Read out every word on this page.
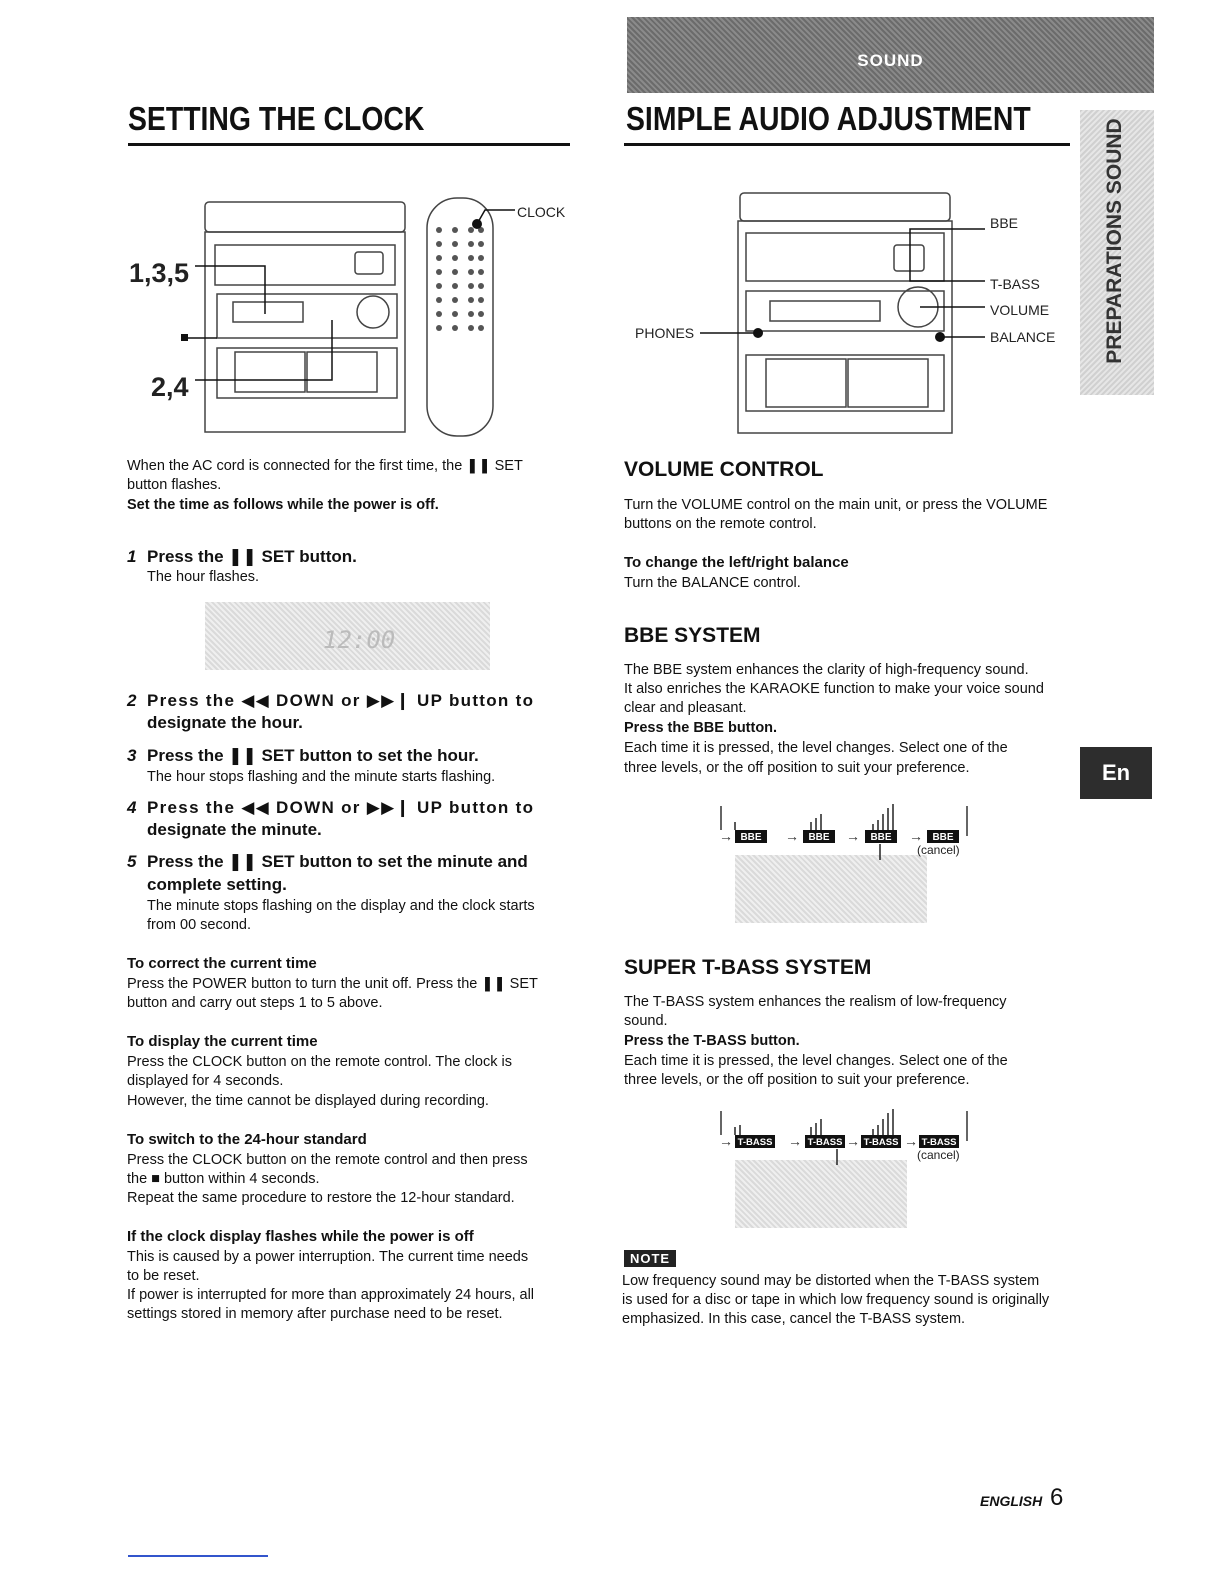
SOUND
PREPARATIONS SOUND
En
SETTING THE CLOCK	SIMPLE AUDIO ADJUSTMENT
CLOCK
1,3,5
2,4
When the AC cord is connected for the first time, the ❚❚ SET
button flashes.
Set the time as follows while the power is off.
1 Press the ❚❚ SET button.
The hour flashes.
12:00
2 Press the ◀◀ DOWN or ▶▶❙ UP button to
designate the hour.
3 Press the ❚❚ SET button to set the hour.
The hour stops flashing and the minute starts flashing.
4 Press the ◀◀ DOWN or ▶▶❙ UP button to
designate the minute.
5 Press the ❚❚ SET button to set the minute and
complete setting.
The minute stops flashing on the display and the clock starts
from 00 second.
To correct the current time
Press the POWER button to turn the unit off. Press the ❚❚ SET
button and carry out steps 1 to 5 above.
To display the current time
Press the CLOCK button on the remote control. The clock is
displayed for 4 seconds.
However, the time cannot be displayed during recording.
To switch to the 24-hour standard
Press the CLOCK button on the remote control and then press
the ■ button within 4 seconds.
Repeat the same procedure to restore the 12-hour standard.
If the clock display flashes while the power is off
This is caused by a power interruption. The current time needs
to be reset.
If power is interrupted for more than approximately 24 hours, all
settings stored in memory after purchase need to be reset.
BBE
T-BASS
VOLUME
BALANCE
PHONES
VOLUME CONTROL
Turn the VOLUME control on the main unit, or press the VOLUME
buttons on the remote control.
To change the left/right balance
Turn the BALANCE control.
BBE SYSTEM
The BBE system enhances the clarity of high-frequency sound.
It also enriches the KARAOKE function to make your voice sound
clear and pleasant.
Press the BBE button.
Each time it is pressed, the level changes. Select one of the
three levels, or the off position to suit your preference.
BBE	BBE	BBE	BBE
→	→	→	→
(cancel)
SUPER T-BASS SYSTEM
The T-BASS system enhances the realism of low-frequency
sound.
Press the T-BASS button.
Each time it is pressed, the level changes. Select one of the
three levels, or the off position to suit your preference.
T-BASS	T-BASS T-BASS T-BASS
→	→	→	→
(cancel)
NOTE
Low frequency sound may be distorted when the T-BASS system
is used for a disc or tape in which low frequency sound is originally
emphasized. In this case, cancel the T-BASS system.
ENGLISH 6
